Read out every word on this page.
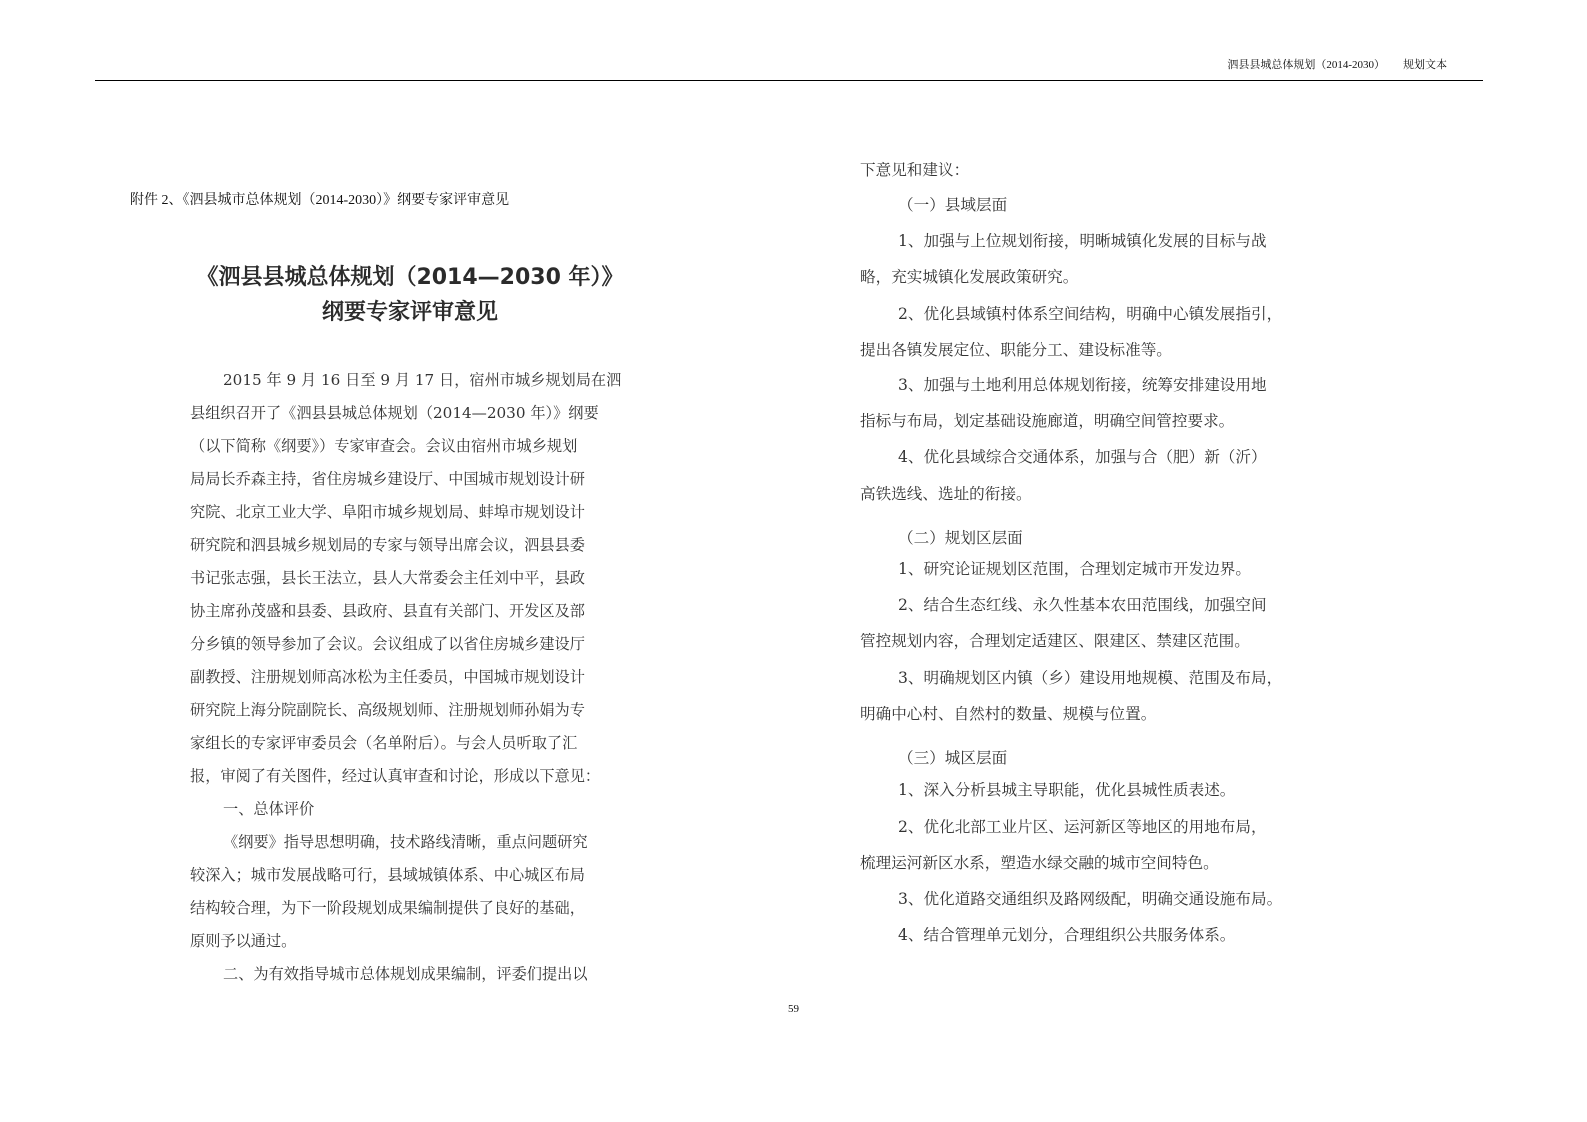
泗县县城总体规划（2014-2030） 规划文本
附件 2、《泗县城市总体规划（2014-2030）》纲要专家评审意见
《泗县县城总体规划（2014—2030 年）》
纲要专家评审意见
2015 年 9 月 16 日至 9 月 17 日，宿州市城乡规划局在泗
县组织召开了《泗县县城总体规划（2014—2030 年）》纲要
（以下简称《纲要》）专家审查会。会议由宿州市城乡规划
局局长乔森主持，省住房城乡建设厅、中国城市规划设计研
究院、北京工业大学、阜阳市城乡规划局、蚌埠市规划设计
研究院和泗县城乡规划局的专家与领导出席会议，泗县县委
书记张志强，县长王法立，县人大常委会主任刘中平，县政
协主席孙茂盛和县委、县政府、县直有关部门、开发区及部
分乡镇的领导参加了会议。会议组成了以省住房城乡建设厅
副教授、注册规划师高冰松为主任委员，中国城市规划设计
研究院上海分院副院长、高级规划师、注册规划师孙娟为专
家组长的专家评审委员会（名单附后）。与会人员听取了汇
报，审阅了有关图件，经过认真审查和讨论，形成以下意见：
一、总体评价
《纲要》指导思想明确，技术路线清晰，重点问题研究
较深入；城市发展战略可行，县域城镇体系、中心城区布局
结构较合理，为下一阶段规划成果编制提供了良好的基础，
原则予以通过。
二、为有效指导城市总体规划成果编制，评委们提出以
下意见和建议：
（一）县域层面
1、加强与上位规划衔接，明晰城镇化发展的目标与战
略，充实城镇化发展政策研究。
2、优化县域镇村体系空间结构，明确中心镇发展指引，
提出各镇发展定位、职能分工、建设标准等。
3、加强与土地利用总体规划衔接，统筹安排建设用地
指标与布局，划定基础设施廊道，明确空间管控要求。
4、优化县域综合交通体系，加强与合（肥）新（沂）
高铁选线、选址的衔接。
（二）规划区层面
1、研究论证规划区范围，合理划定城市开发边界。
2、结合生态红线、永久性基本农田范围线，加强空间
管控规划内容，合理划定适建区、限建区、禁建区范围。
3、明确规划区内镇（乡）建设用地规模、范围及布局，
明确中心村、自然村的数量、规模与位置。
（三）城区层面
1、深入分析县城主导职能，优化县城性质表述。
2、优化北部工业片区、运河新区等地区的用地布局，
梳理运河新区水系，塑造水绿交融的城市空间特色。
3、优化道路交通组织及路网级配，明确交通设施布局。
4、结合管理单元划分，合理组织公共服务体系。
59
